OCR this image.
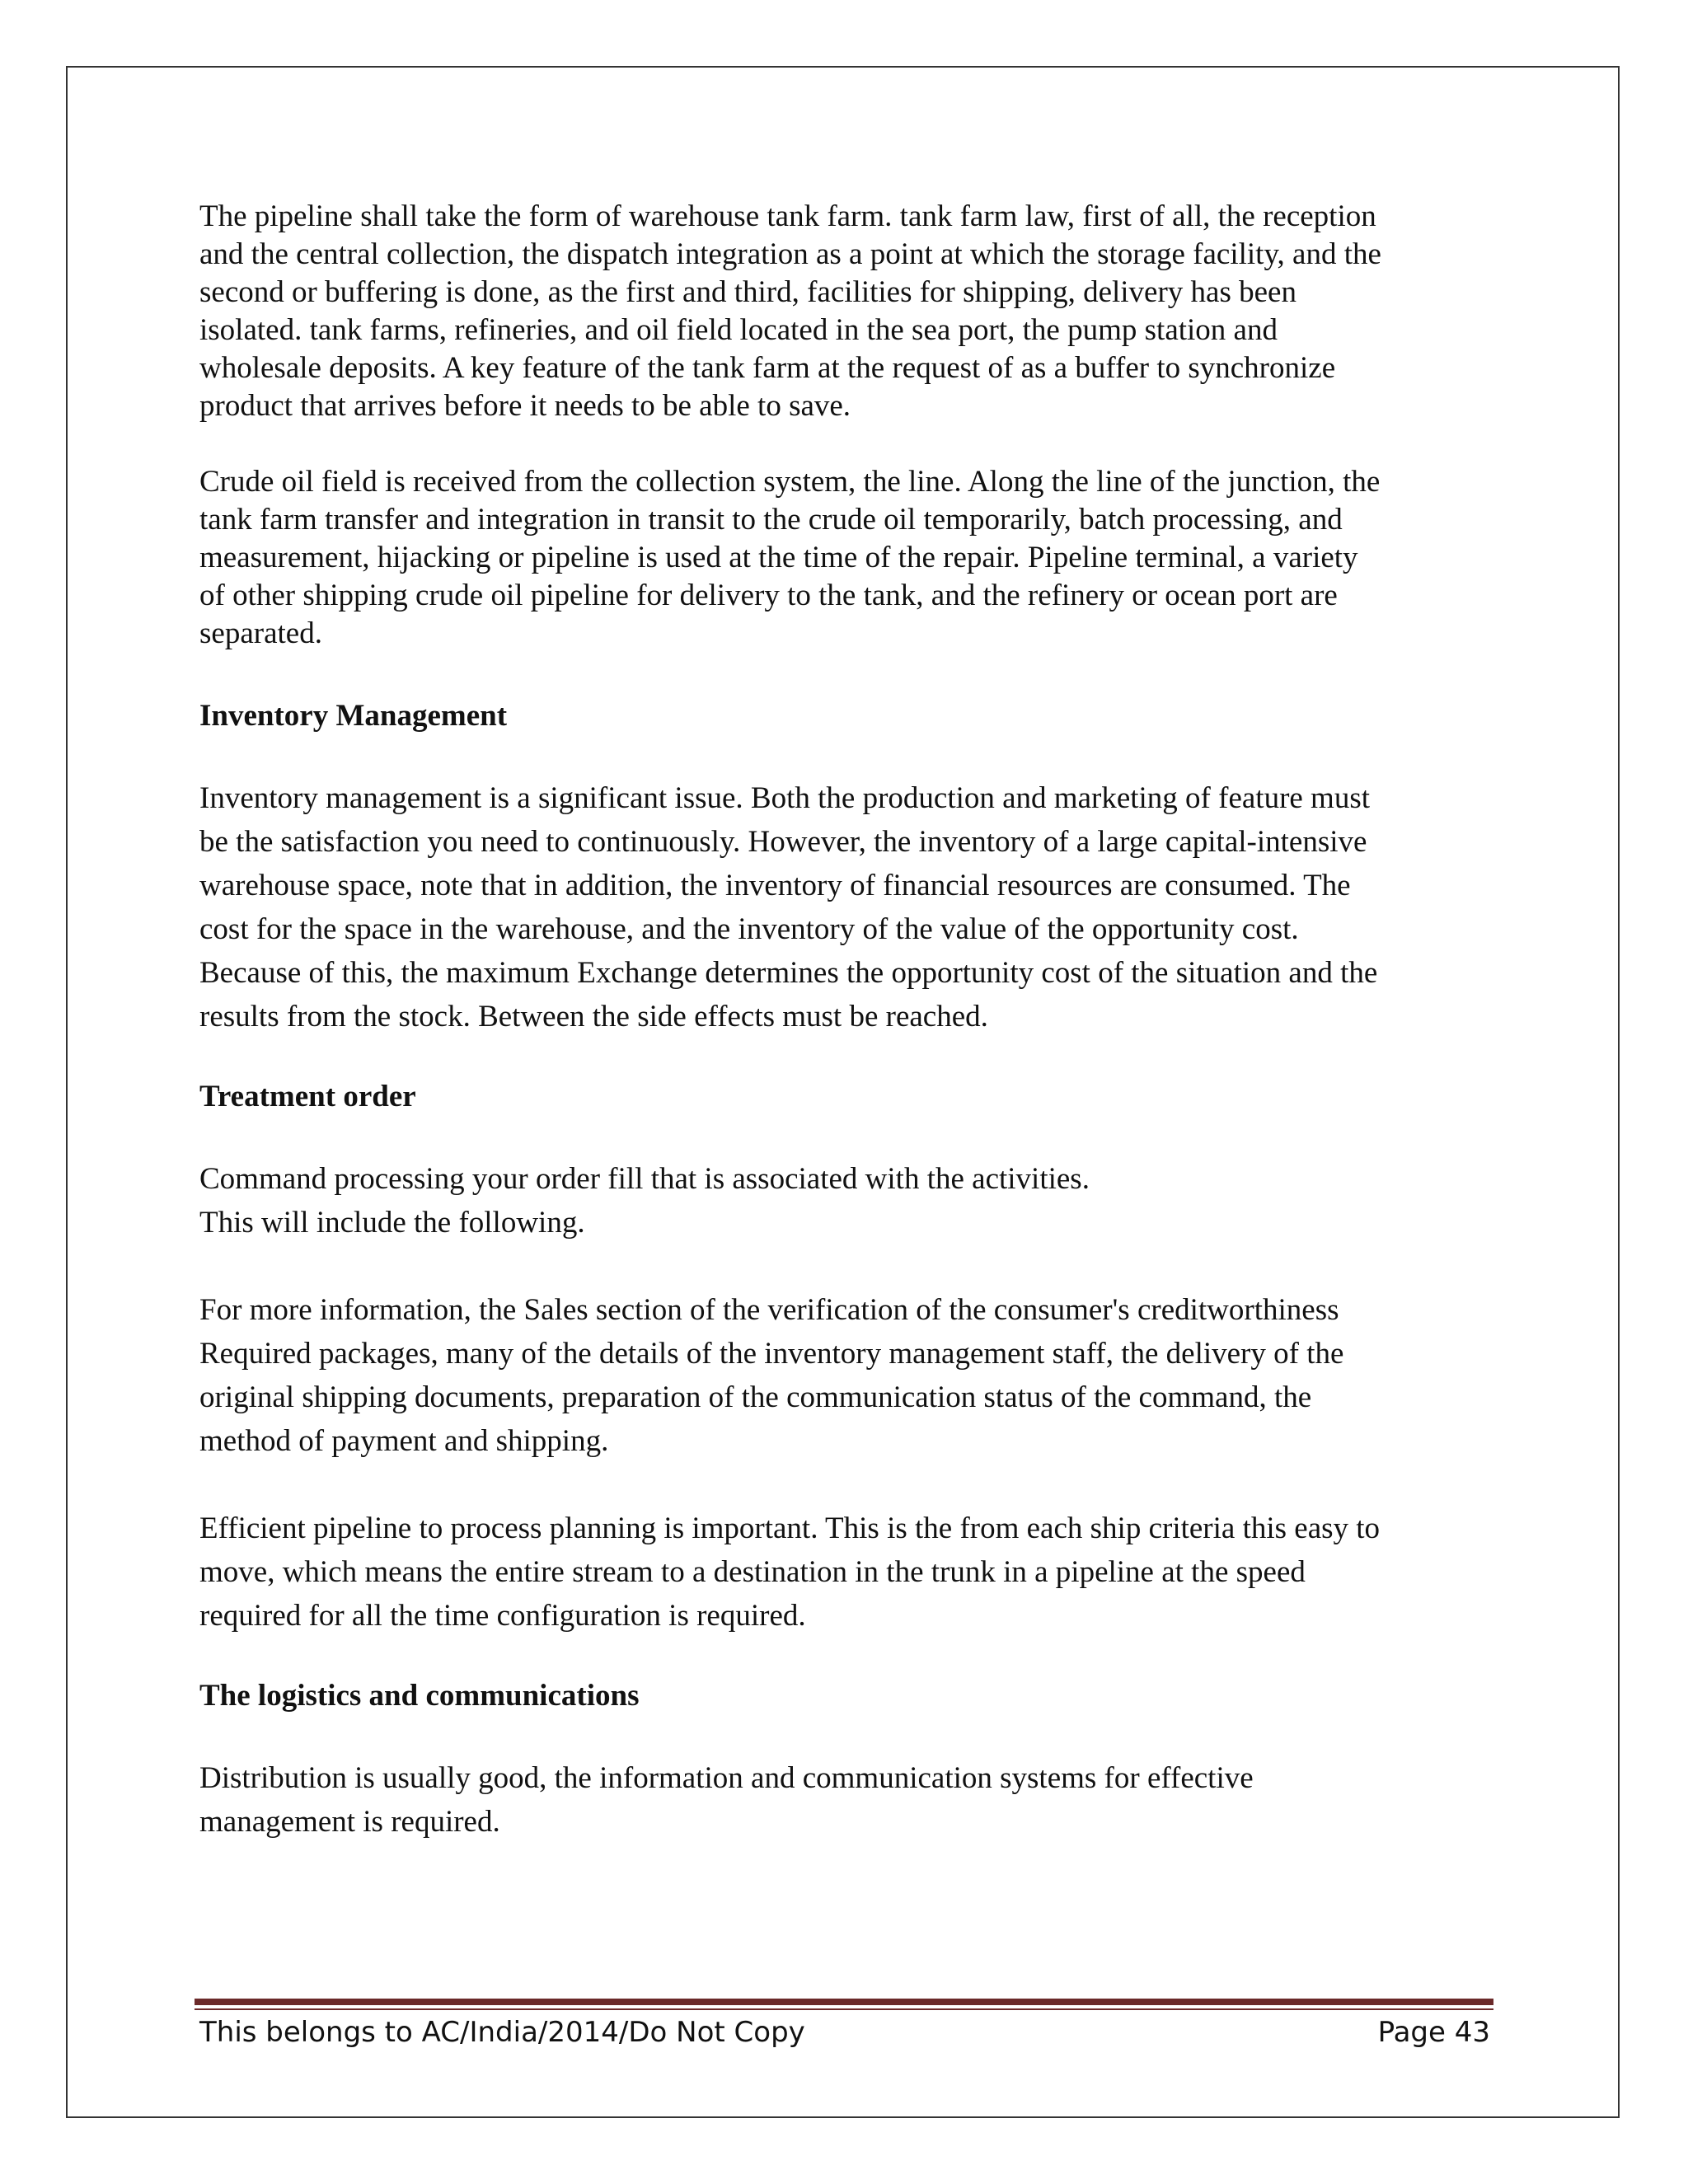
The pipeline shall take the form of warehouse tank farm. tank farm law, first of all, the reception
and the central collection, the dispatch integration as a point at which the storage facility, and the
second or buffering is done, as the first and third, facilities for shipping, delivery has been
isolated. tank farms, refineries, and oil field located in the sea port, the pump station and
wholesale deposits. A key feature of the tank farm at the request of as a buffer to synchronize
product that arrives before it needs to be able to save.

Crude oil field is received from the collection system, the line. Along the line of the junction, the
tank farm transfer and integration in transit to the crude oil temporarily, batch processing, and
measurement, hijacking or pipeline is used at the time of the repair. Pipeline terminal, a variety
of other shipping crude oil pipeline for delivery to the tank, and the refinery or ocean port are
separated.

Inventory Management

Inventory management is a significant issue. Both the production and marketing of feature must
be the satisfaction you need to continuously. However, the inventory of a large capital-intensive
warehouse space, note that in addition, the inventory of financial resources are consumed. The
cost for the space in the warehouse, and the inventory of the value of the opportunity cost.
Because of this, the maximum Exchange determines the opportunity cost of the situation and the
results from the stock. Between the side effects must be reached.

Treatment order

Command processing your order fill that is associated with the activities.
This will include the following.

For more information, the Sales section of the verification of the consumer's creditworthiness
Required packages, many of the details of the inventory management staff, the delivery of the
original shipping documents, preparation of the communication status of the command, the
method of payment and shipping.

Efficient pipeline to process planning is important. This is the from each ship criteria this easy to
move, which means the entire stream to a destination in the trunk in a pipeline at the speed
required for all the time configuration is required.

The logistics and communications

Distribution is usually good, the information and communication systems for effective
management is required.

This belongs to AC/India/2014/Do Not Copy	Page 43
